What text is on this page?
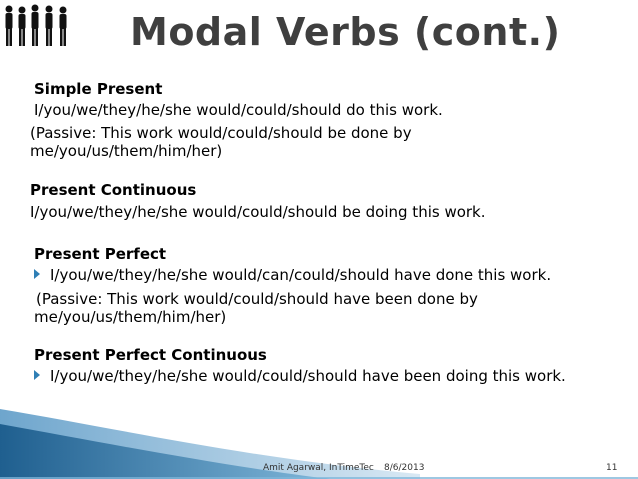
Modal Verbs (cont.)
Simple Present
I/you/we/they/he/she would/could/should do this work.
(Passive: This work would/could/should be done by
me/you/us/them/him/her)
Present Continuous
I/you/we/they/he/she would/could/should be doing this work.
Present Perfect
I/you/we/they/he/she would/can/could/should have done this work.
(Passive: This work would/could/should have been done by
me/you/us/them/him/her)
Present Perfect Continuous
I/you/we/they/he/she would/could/should have been doing this work.
Amit Agarwal, InTimeTec 8/6/2013	11
